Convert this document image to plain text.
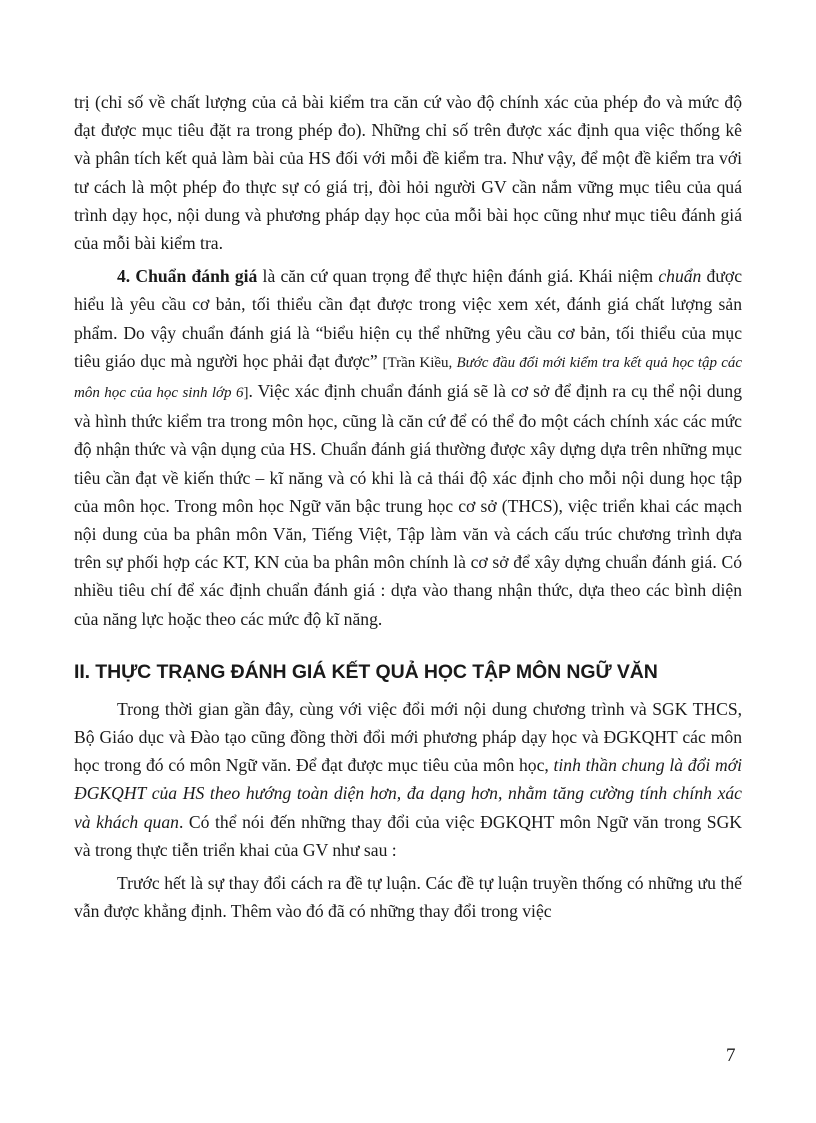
trị (chỉ số về chất lượng của cả bài kiểm tra căn cứ vào độ chính xác của phép đo và mức độ đạt được mục tiêu đặt ra trong phép đo). Những chỉ số trên được xác định qua việc thống kê và phân tích kết quả làm bài của HS đối với mỗi đề kiểm tra. Như vậy, để một đề kiểm tra với tư cách là một phép đo thực sự có giá trị, đòi hỏi người GV cần nắm vững mục tiêu của quá trình dạy học, nội dung và phương pháp dạy học của mỗi bài học cũng như mục tiêu đánh giá của mỗi bài kiểm tra.

4. Chuẩn đánh giá là căn cứ quan trọng để thực hiện đánh giá. Khái niệm chuẩn được hiểu là yêu cầu cơ bản, tối thiểu cần đạt được trong việc xem xét, đánh giá chất lượng sản phẩm. Do vậy chuẩn đánh giá là “biểu hiện cụ thể những yêu cầu cơ bản, tối thiểu của mục tiêu giáo dục mà người học phải đạt được” [Trần Kiều, Bước đầu đổi mới kiểm tra kết quả học tập các môn học của học sinh lớp 6]. Việc xác định chuẩn đánh giá sẽ là cơ sở để định ra cụ thể nội dung và hình thức kiểm tra trong môn học, cũng là căn cứ để có thể đo một cách chính xác các mức độ nhận thức và vận dụng của HS. Chuẩn đánh giá thường được xây dựng dựa trên những mục tiêu cần đạt về kiến thức – kĩ năng và có khi là cả thái độ xác định cho mỗi nội dung học tập của môn học. Trong môn học Ngữ văn bậc trung học cơ sở (THCS), việc triển khai các mạch nội dung của ba phân môn Văn, Tiếng Việt, Tập làm văn và cách cấu trúc chương trình dựa trên sự phối hợp các KT, KN của ba phân môn chính là cơ sở để xây dựng chuẩn đánh giá. Có nhiều tiêu chí để xác định chuẩn đánh giá : dựa vào thang nhận thức, dựa theo các bình diện của năng lực hoặc theo các mức độ kĩ năng.

II. THỰC TRẠNG ĐÁNH GIÁ KẾT QUẢ HỌC TẬP MÔN NGỮ VĂN

Trong thời gian gần đây, cùng với việc đổi mới nội dung chương trình và SGK THCS, Bộ Giáo dục và Đào tạo cũng đồng thời đổi mới phương pháp dạy học và ĐGKQHT các môn học trong đó có môn Ngữ văn. Để đạt được mục tiêu của môn học, tinh thần chung là đổi mới ĐGKQHT của HS theo hướng toàn diện hơn, đa dạng hơn, nhằm tăng cường tính chính xác và khách quan. Có thể nói đến những thay đổi của việc ĐGKQHT môn Ngữ văn trong SGK và trong thực tiễn triển khai của GV như sau :

Trước hết là sự thay đổi cách ra đề tự luận. Các đề tự luận truyền thống có những ưu thế vẫn được khẳng định. Thêm vào đó đã có những thay đổi trong việc

7
